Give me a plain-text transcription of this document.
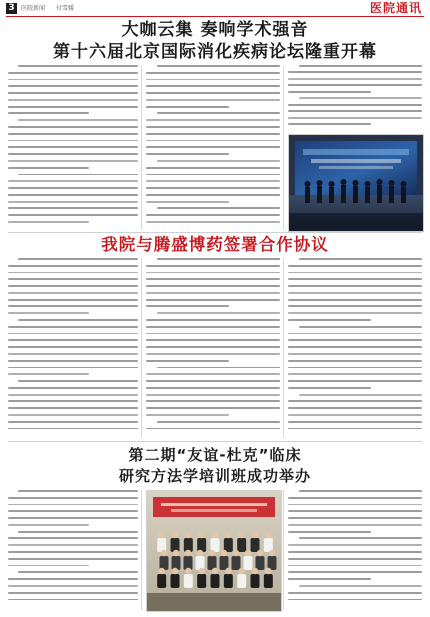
3	医院新闻 付雪媛	医院通讯
大咖云集 奏响学术强音
第十六届北京国际消化疾病论坛隆重开幕
我院与腾盛博药签署合作协议
第二期“友谊-杜克”临床
研究方法学培训班成功举办
